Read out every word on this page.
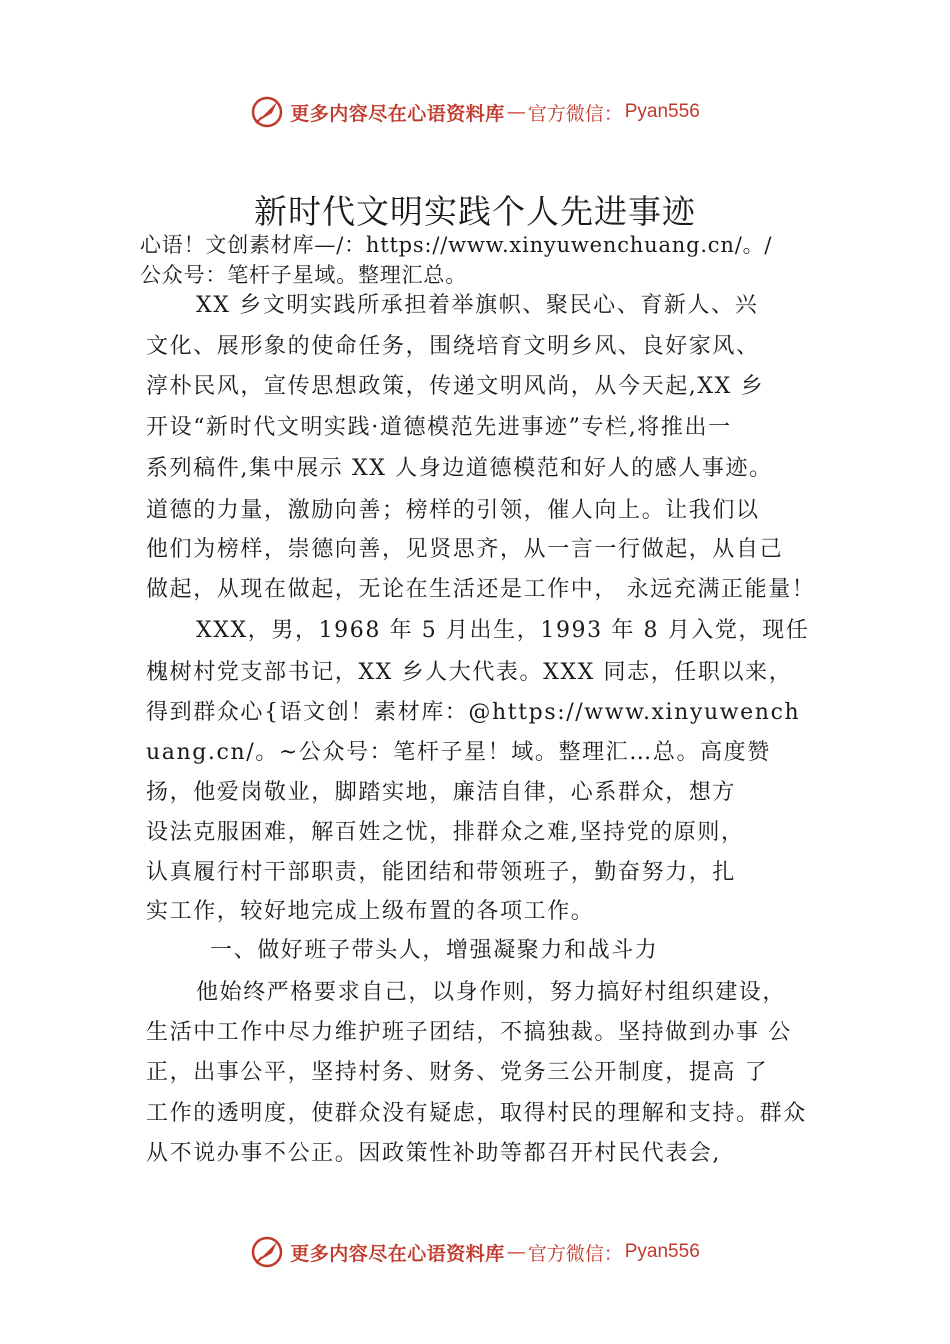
更多内容尽在心语资料库 — 官方微信： Pyan556
新时代文明实践个人先进事迹
心语！文创素材库—/：https://www.xinyuwenchuang.cn/。/
公众号：笔杆子星域。整理汇总。
XX 乡文明实践所承担着举旗帜、聚民心、育新人、兴
文化、展形象的使命任务，围绕培育文明乡风、良好家风、
淳朴民风，宣传思想政策，传递文明风尚，从今天起,XX 乡
开设“新时代文明实践·道德模范先进事迹”专栏,将推出一
系列稿件,集中展示 XX 人身边道德模范和好人的感人事迹。
道德的力量，激励向善；榜样的引领，催人向上。让我们以
他们为榜样，崇德向善，见贤思齐，从一言一行做起，从自己
做起，从现在做起，无论在生活还是工作中， 永远充满正能量！
XXX，男，1968 年 5 月出生，1993 年 8 月入党，现任
槐树村党支部书记，XX 乡人大代表。XXX 同志，任职以来，
得到群众心{语文创！素材库：@https://www.xinyuwench
uang.cn/。~公众号：笔杆子星！域。整理汇…总。高度赞
扬，他爱岗敬业，脚踏实地，廉洁自律，心系群众，想方
设法克服困难，解百姓之忧，排群众之难,坚持党的原则，
认真履行村干部职责，能团结和带领班子，勤奋努力，扎
实工作，较好地完成上级布置的各项工作。
一、做好班子带头人，增强凝聚力和战斗力
他始终严格要求自己，以身作则，努力搞好村组织建设，
生活中工作中尽力维护班子团结，不搞独裁。坚持做到办事 公
正，出事公平，坚持村务、财务、党务三公开制度，提高 了
工作的透明度，使群众没有疑虑，取得村民的理解和支持。群众
从不说办事不公正。因政策性补助等都召开村民代表会,
更多内容尽在心语资料库 — 官方微信： Pyan556
